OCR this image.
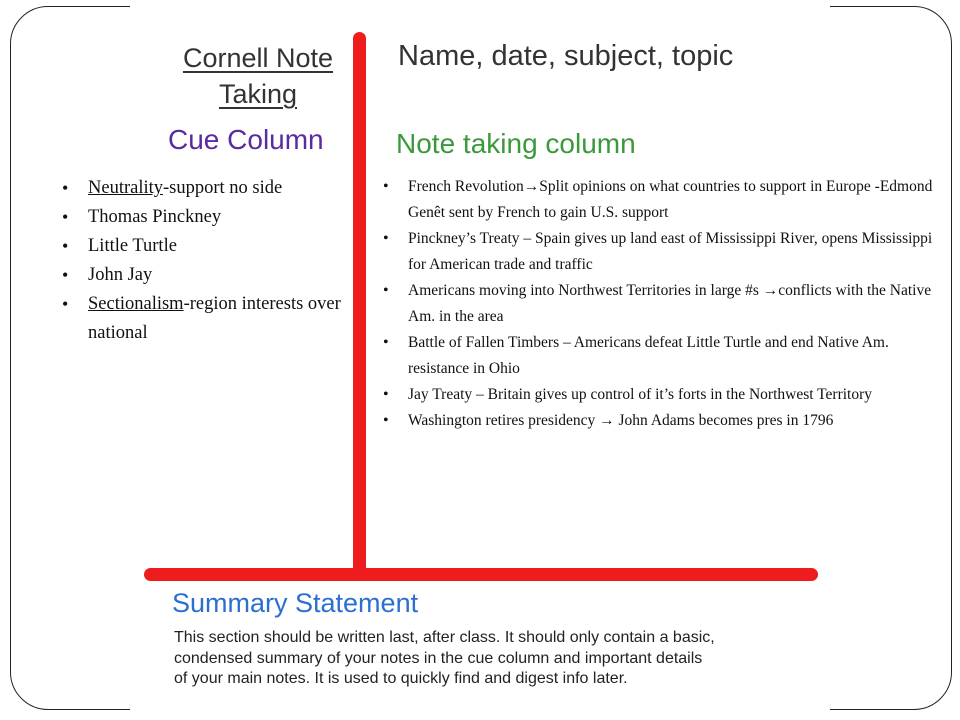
Cornell Note
Taking
Name, date, subject, topic
Cue Column	Note taking column
• Neutrality-support no side
• Thomas Pinckney
• Little Turtle
• John Jay
• Sectionalism-region interests over national
• French Revolution→Split opinions on what countries to support in Europe -Edmond Genêt sent by French to gain U.S. support
• Pinckney’s Treaty – Spain gives up land east of Mississippi River, opens Mississippi for American trade and traffic
• Americans moving into Northwest Territories in large #s →conflicts with the Native Am. in the area
• Battle of Fallen Timbers – Americans defeat Little Turtle and end Native Am. resistance in Ohio
• Jay Treaty – Britain gives up control of it’s forts in the Northwest Territory
• Washington retires presidency → John Adams becomes pres in 1796
Summary Statement
This section should be written last, after class. It should only contain a basic,
condensed summary of your notes in the cue column and important details
of your main notes. It is used to quickly find and digest info later.
